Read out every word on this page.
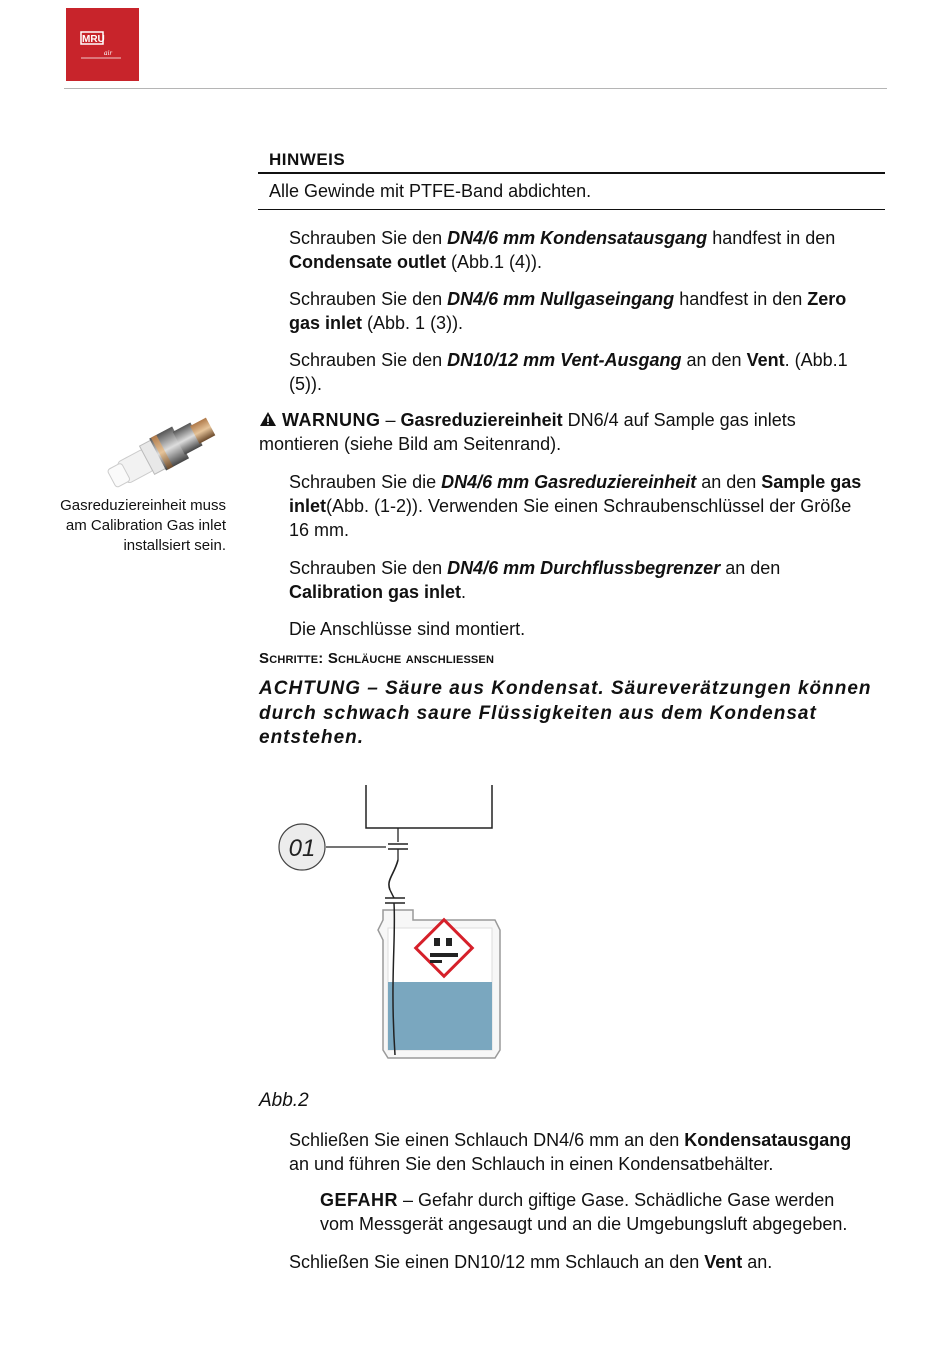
MRU
air
Gasreduziereinheit muss
am Calibration Gas inlet
installsiert sein.
HINWEIS
Alle Gewinde mit PTFE-Band abdichten.
Schrauben Sie den DN4/6 mm Kondensatausgang handfest in den
Condensate outlet (Abb.1 (4)).
Schrauben Sie den DN4/6 mm Nullgaseingang handfest in den Zero
gas inlet (Abb. 1 (3)).
Schrauben Sie den DN10/12 mm Vent-Ausgang an den Vent. (Abb.1
(5)).
WARNUNG – Gasreduziereinheit DN6/4 auf Sample gas inlets
montieren (siehe Bild am Seitenrand).
Schrauben Sie die DN4/6 mm Gasreduziereinheit an den Sample gas
inlet(Abb. (1-2)). Verwenden Sie einen Schraubenschlüssel der Größe
16 mm.
Schrauben Sie den DN4/6 mm Durchflussbegrenzer an den
Calibration gas inlet.
Die Anschlüsse sind montiert.
Schritte: Schläuche anschließen
ACHTUNG – Säure aus Kondensat. Säureverätzungen können
durch schwach saure Flüssigkeiten aus dem Kondensat
entstehen.
01
Abb.2
Schließen Sie einen Schlauch DN4/6 mm an den Kondensatausgang
an und führen Sie den Schlauch in einen Kondensatbehälter.
GEFAHR – Gefahr durch giftige Gase. Schädliche Gase werden
vom Messgerät angesaugt und an die Umgebungsluft abgegeben.
Schließen Sie einen DN10/12 mm Schlauch an den Vent an.
